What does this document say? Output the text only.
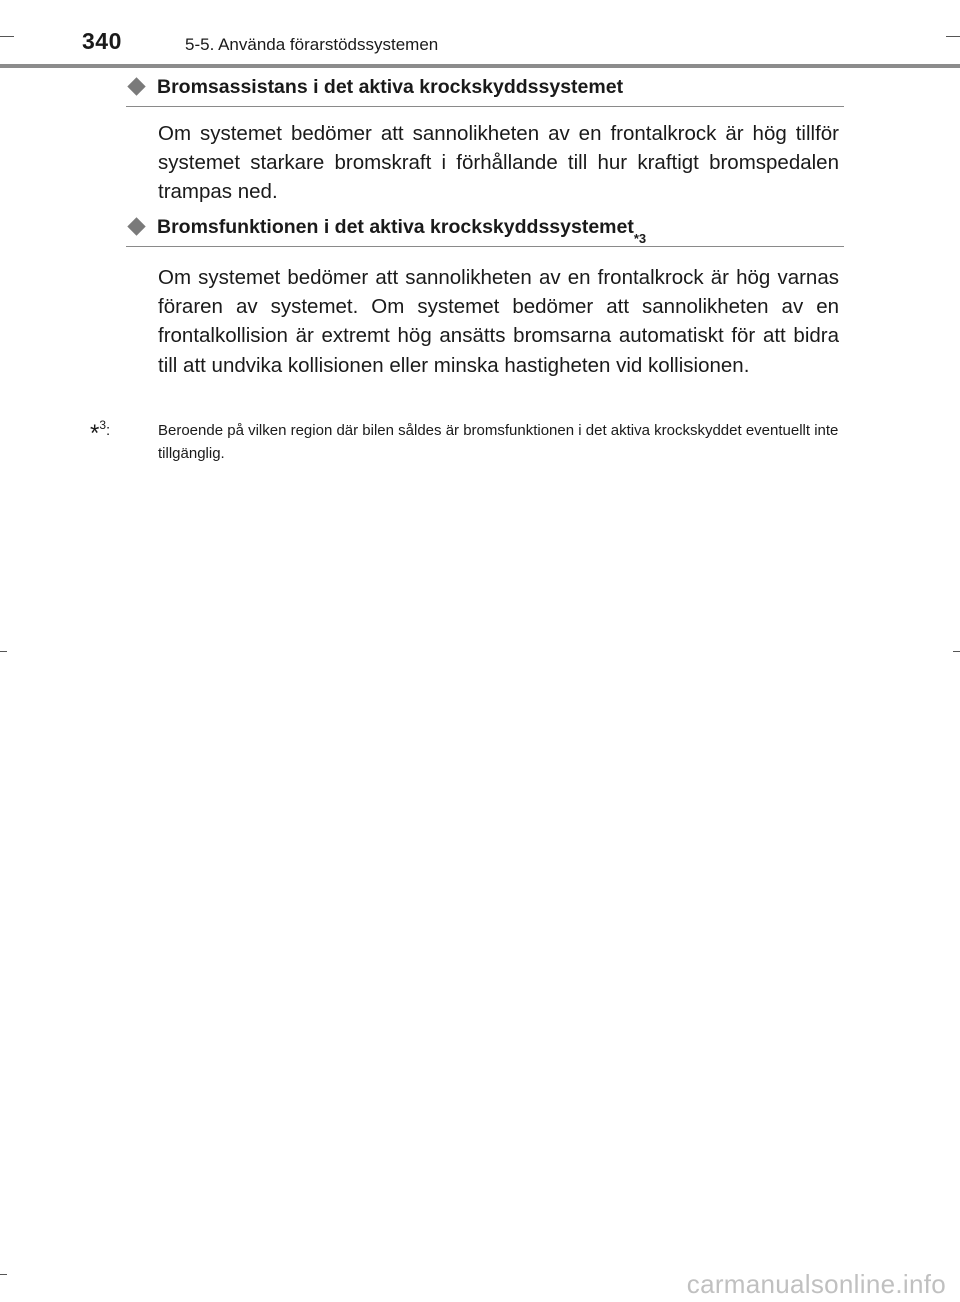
340	5-5. Använda förarstödssystemen
Bromsassistans i det aktiva krockskyddssystemet
Om systemet bedömer att sannolikheten av en frontalkrock är hög tillför systemet starkare bromskraft i förhållande till hur kraftigt bromspedalen trampas ned.
Bromsfunktionen i det aktiva krockskyddssystemet
*3
Om systemet bedömer att sannolikheten av en frontalkrock är hög varnas föraren av systemet. Om systemet bedömer att sannolikheten av en frontalkollision är extremt hög ansätts bromsarna automatiskt för att bidra till att undvika kollisionen eller minska hastigheten vid kollisionen.
*$^3$:	Beroende på vilken region där bilen såldes är bromsfunktionen i det aktiva krockskyddet eventuellt inte tillgänglig.
carmanualsonline.info
